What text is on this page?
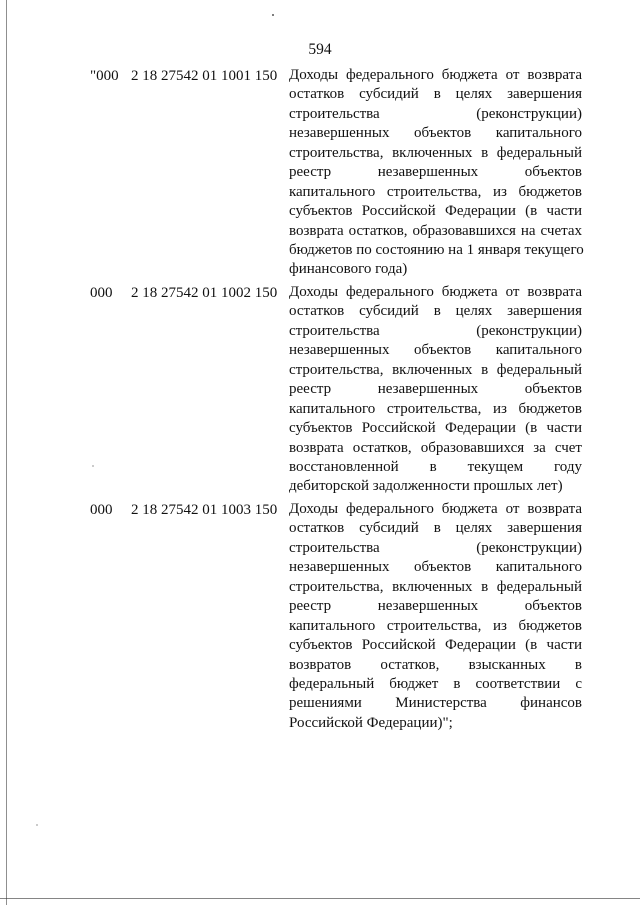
594
"000 2 18 27542 01 1001 150 Доходы федерального бюджета от возврата
остатков субсидий в целях завершения
строительства (реконструкции)
незавершенных объектов капитального
строительства, включенных в федеральный
реестр незавершенных объектов
капитального строительства, из бюджетов
субъектов Российской Федерации (в части
возврата остатков, образовавшихся на счетах
бюджетов по состоянию на 1 января текущего
финансового года)
000 2 18 27542 01 1002 150 Доходы федерального бюджета от возврата
остатков субсидий в целях завершения
строительства (реконструкции)
незавершенных объектов капитального
строительства, включенных в федеральный
реестр незавершенных объектов
капитального строительства, из бюджетов
субъектов Российской Федерации (в части
возврата остатков, образовавшихся за счет
восстановленной в текущем году
дебиторской задолженности прошлых лет)
000 2 18 27542 01 1003 150 Доходы федерального бюджета от возврата
остатков субсидий в целях завершения
строительства (реконструкции)
незавершенных объектов капитального
строительства, включенных в федеральный
реестр незавершенных объектов
капитального строительства, из бюджетов
субъектов Российской Федерации (в части
возвратов остатков, взысканных в
федеральный бюджет в соответствии с
решениями Министерства финансов
Российской Федерации)";
